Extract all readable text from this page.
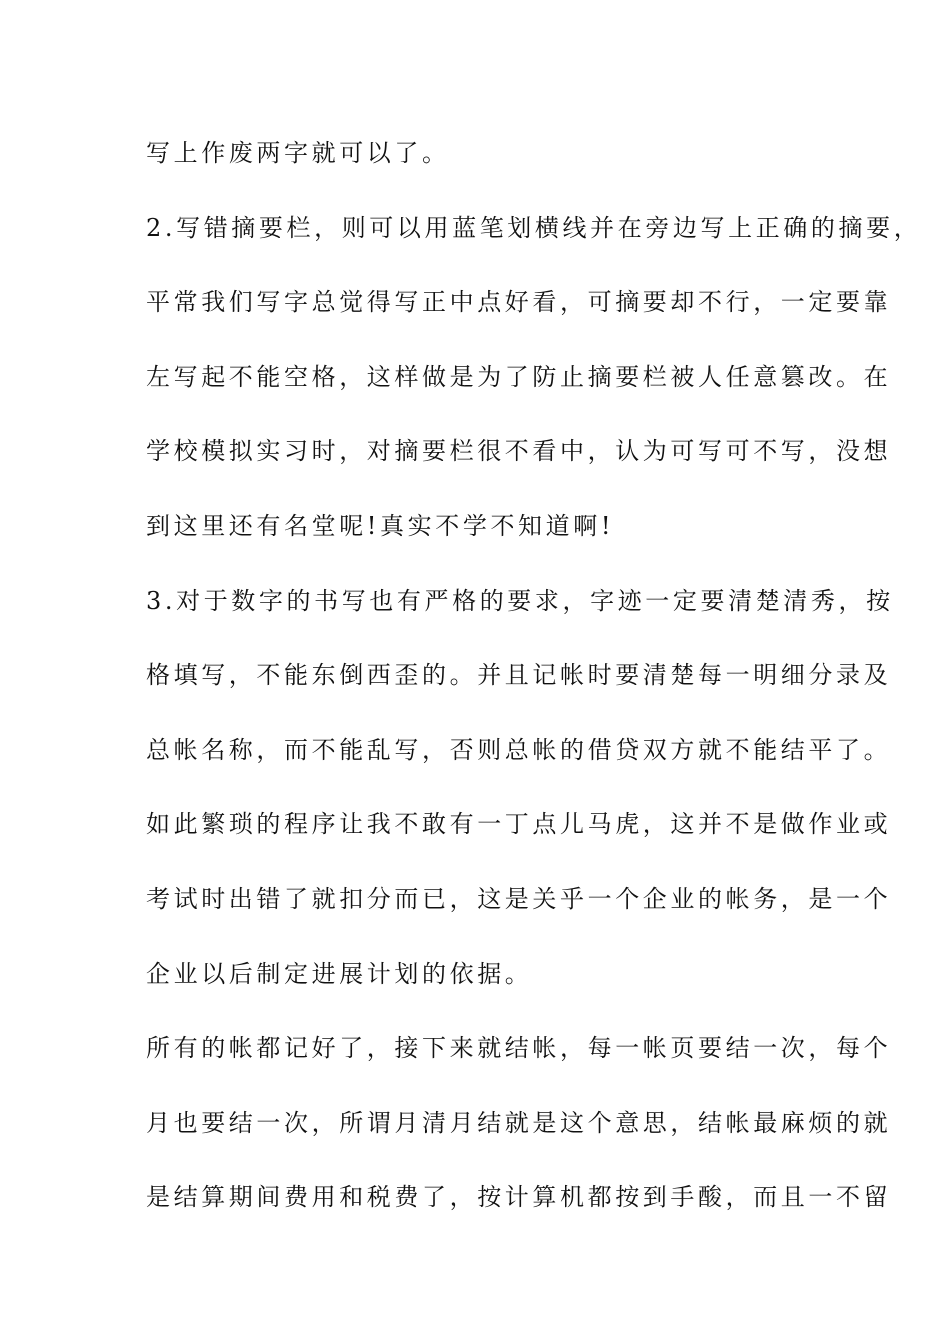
写上作废两字就可以了。
2.写错摘要栏，则可以用蓝笔划横线并在旁边写上正确的摘要，
平常我们写字总觉得写正中点好看，可摘要却不行，一定要靠
左写起不能空格，这样做是为了防止摘要栏被人任意篡改。在
学校模拟实习时，对摘要栏很不看中，认为可写可不写，没想
到这里还有名堂呢!真实不学不知道啊!
3.对于数字的书写也有严格的要求，字迹一定要清楚清秀，按
格填写，不能东倒西歪的。并且记帐时要清楚每一明细分录及
总帐名称，而不能乱写，否则总帐的借贷双方就不能结平了。
如此繁琐的程序让我不敢有一丁点儿马虎，这并不是做作业或
考试时出错了就扣分而已，这是关乎一个企业的帐务，是一个
企业以后制定进展计划的依据。
所有的帐都记好了，接下来就结帐，每一帐页要结一次，每个
月也要结一次，所谓月清月结就是这个意思，结帐最麻烦的就
是结算期间费用和税费了，按计算机都按到手酸，而且一不留
